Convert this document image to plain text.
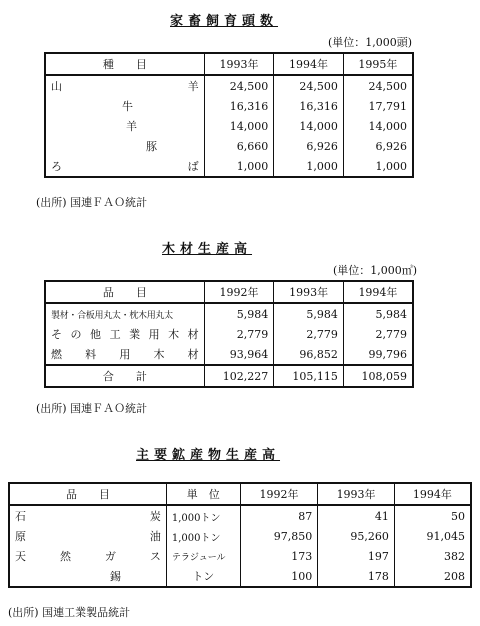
家畜飼育頭数
(単位：1,000頭)
種　　目	1993年	1994年	1995年

山 羊	24,500	24,500	24,500
牛	16,316	16,316	17,791
羊	14,000	14,000	14,000
豚	6,660	6,926	6,926

ろ ば	1,000	1,000	1,000
(出所) 国連ＦＡＯ統計
木材生産高
(単位：1,000㎥)
品　　目	1992年	1993年	1994年
製材・合板用丸太・枕木用丸太	5,984	5,984	5,984
その他工業用木材	2,779	2,779	2,779
燃料用木材	93,964	96,852	99,796
合　　計	102,227	105,115	108,059
(出所) 国連ＦＡＯ統計
主要鉱産物生産高
品　　目	単　位	1992年	1993年	1994年

石 炭	1,000トン	87	41	50

原 油	1,000トン	97,850	95,260	91,045
天然ガス	テラジュール	173	197	382
錫	トン	100	178	208
(出所) 国連工業製品統計
